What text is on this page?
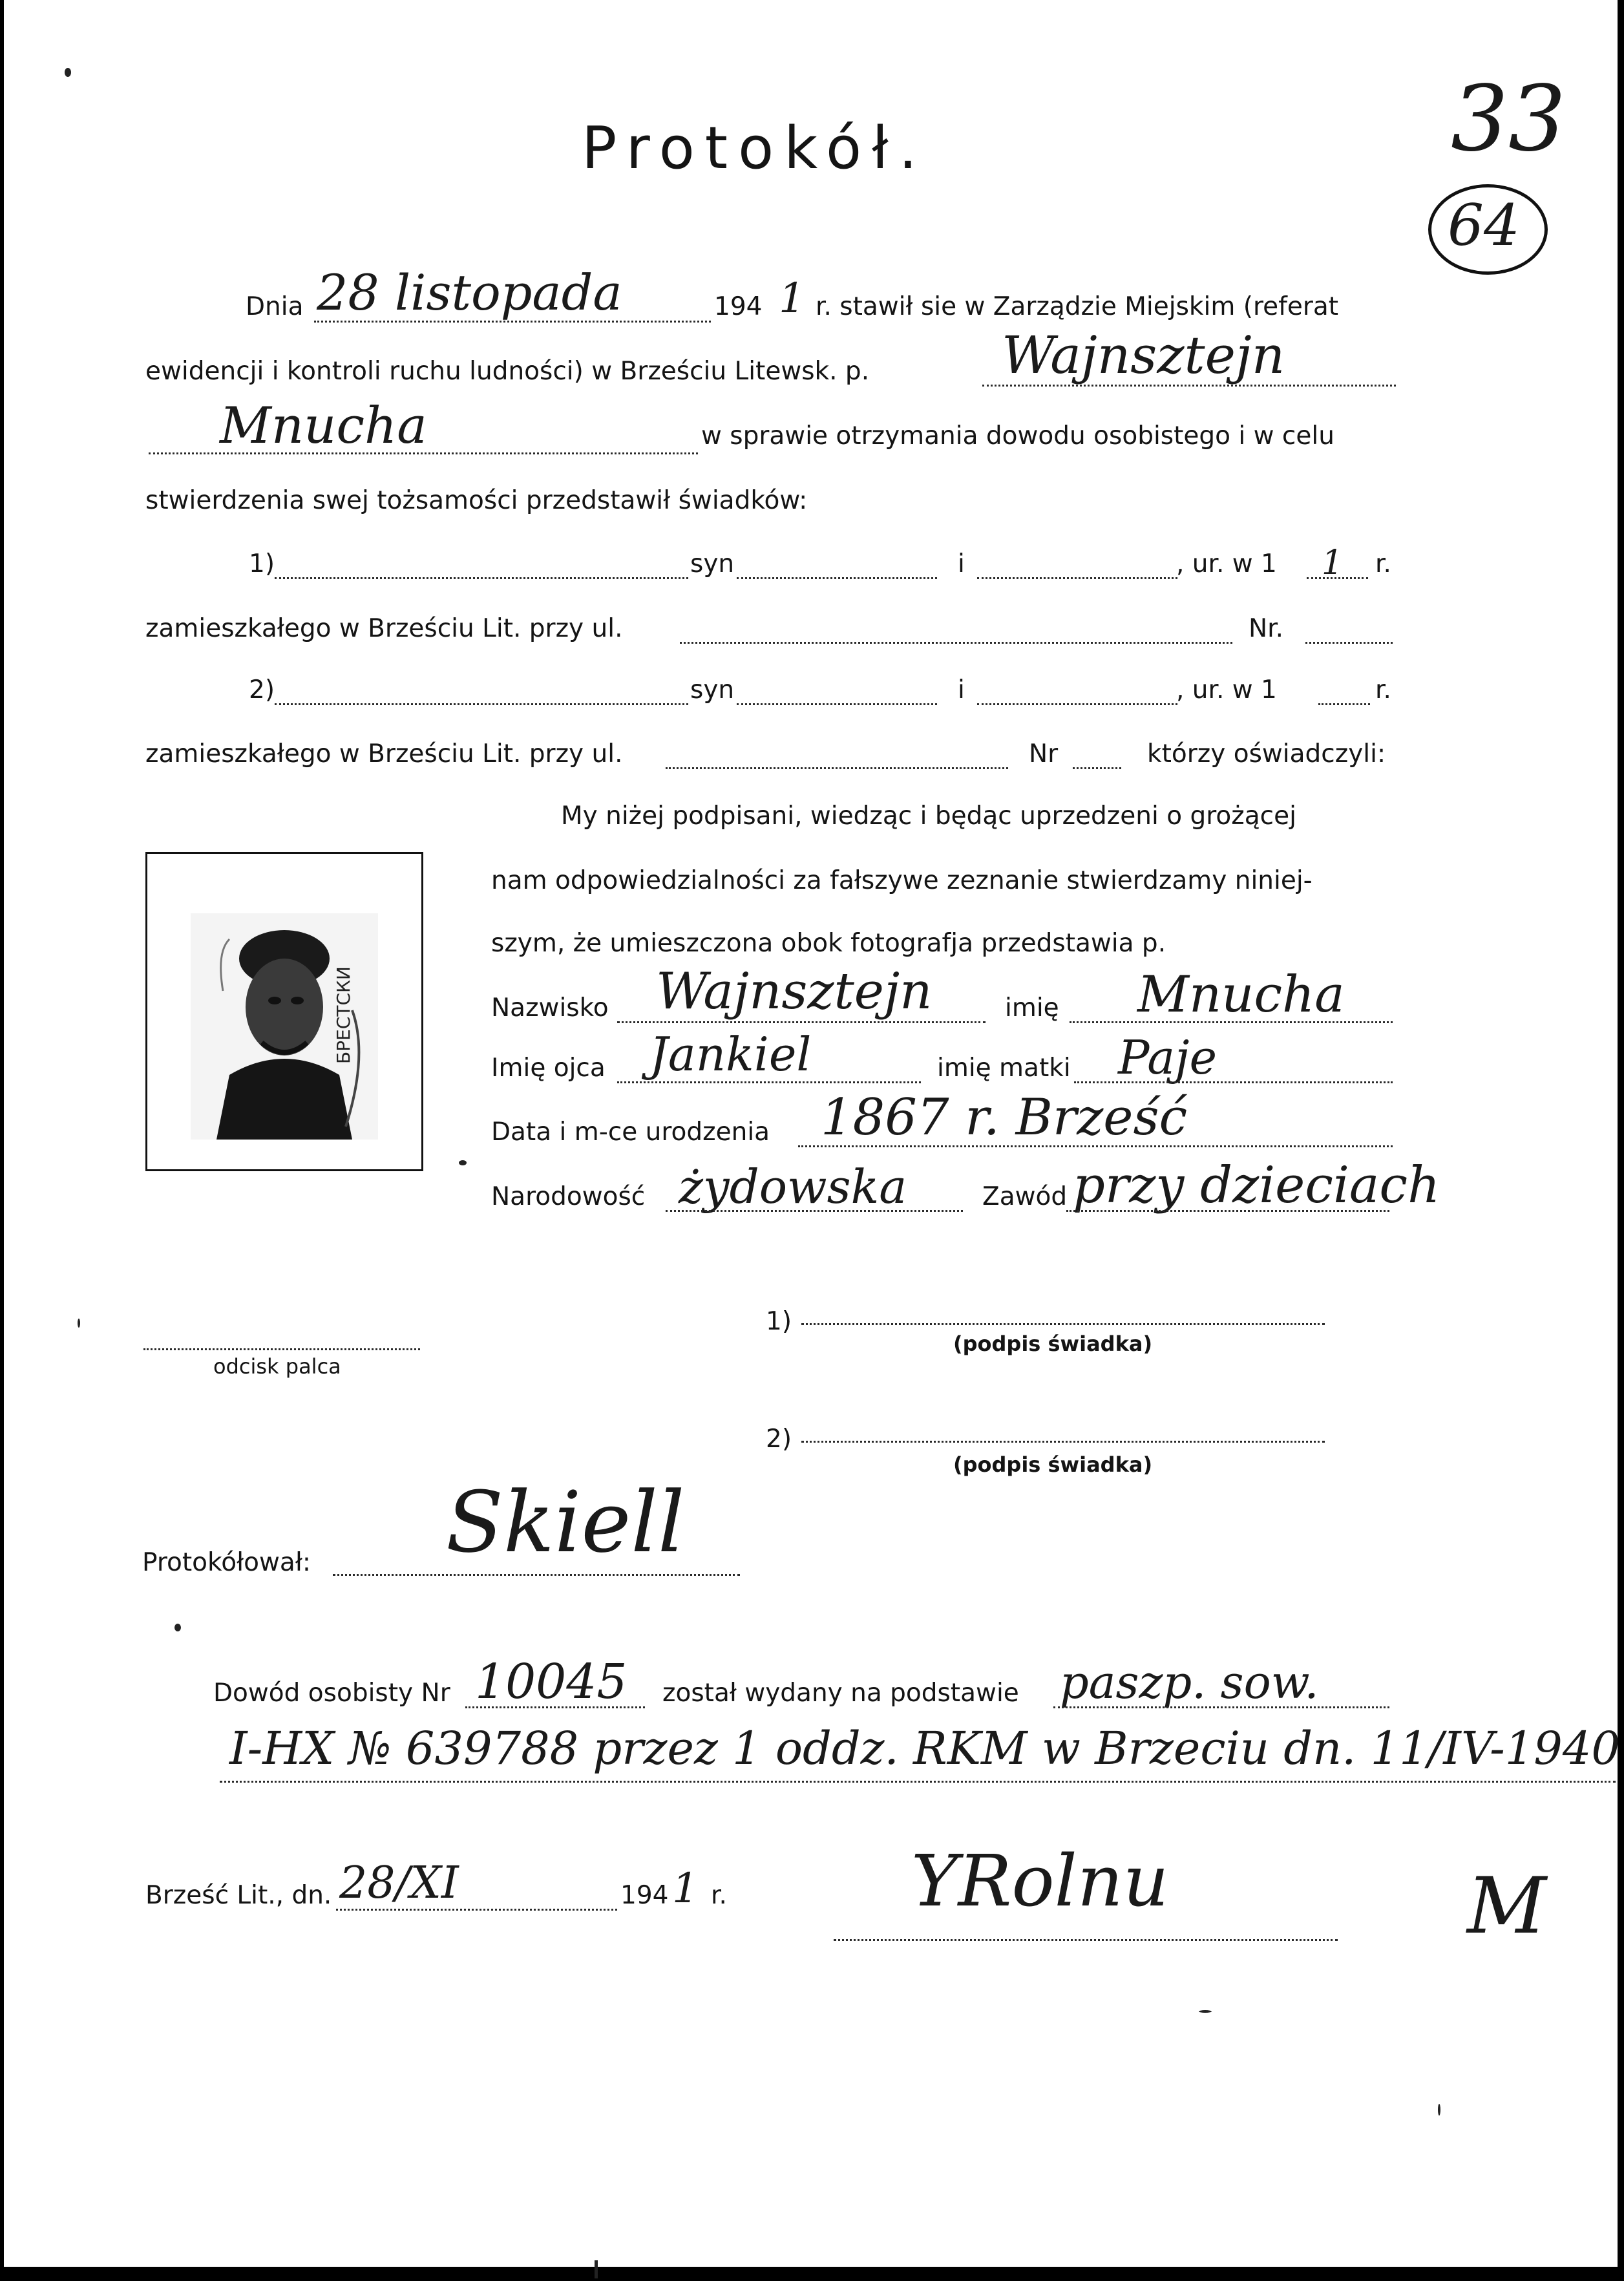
33
64
Protokół.
Dnia 28 listopada	194 1 r. stawił sie w Zarządzie Miejskim (referat
ewidencji i kontroli ruchu ludności) w Brześciu Litewsk. p.	Wajnsztejn
Mnucha	w sprawie otrzymania dowodu osobistego i w celu
stwierdzenia swej tożsamości przedstawił świadków:
1)	syn	i	, ur. w 1 1 r.
zamieszkałego w Brześciu Lit. przy ul.	Nr.
2)	syn	i	, ur. w 1	r.
zamieszkałego w Brześciu Lit. przy ul.	Nr	którzy oświadczyli:
My niżej podpisani, wiedząc i będąc uprzedzeni o grożącej
nam odpowiedzialności za fałszywe zeznanie stwierdzamy niniej-
szym, że umieszczona obok fotografja przedstawia p.
БРЕСТСКИ	Nazwisko Wajnsztejn	imię Mnucha
Imię ojca Jankiel	imię matki Paje
Data i m-ce urodzenia 1867 r. Brześć
Narodowość żydowska	Zawód przy dzieciach
odcisk palca
1)
(podpis świadka)
2)
(podpis świadka)
Protokółował: Skiell
Dowód osobisty Nr 10045 został wydany na podstawie paszp. sow.
I-HX № 639788 przez 1 oddz. RKM w Brzeciu dn. 11/IV-1940
Brześć Lit., dn. 28/XI	194 1 r.	YRolnu	M
